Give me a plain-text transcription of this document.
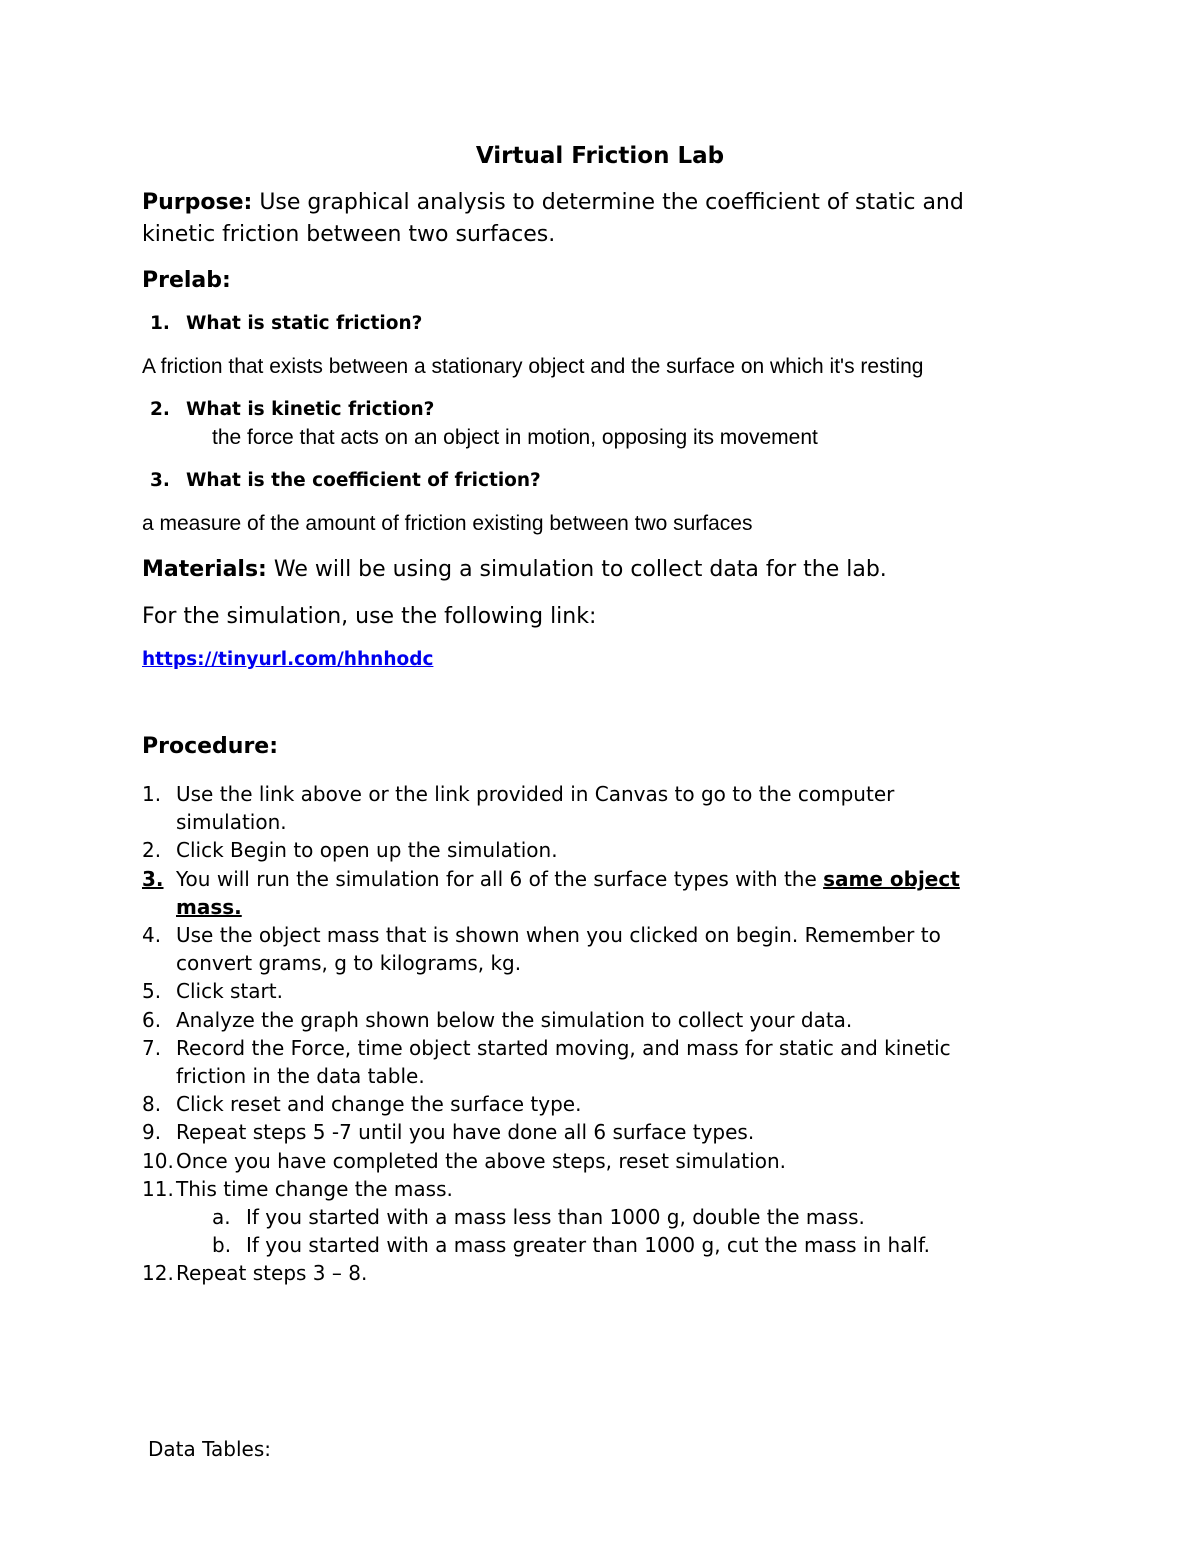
Virtual Friction Lab
Purpose: Use graphical analysis to determine the coefficient of static and
kinetic friction between two surfaces.
Prelab:
1. What is static friction?
A friction that exists between a stationary object and the surface on which it's resting
2. What is kinetic friction?
the force that acts on an object in motion, opposing its movement
3. What is the coefficient of friction?
a measure of the amount of friction existing between two surfaces
Materials: We will be using a simulation to collect data for the lab.
For the simulation, use the following link:
https://tinyurl.com/hhnhodc
Procedure:
1. Use the link above or the link provided in Canvas to go to the computer
simulation.
2. Click Begin to open up the simulation.
3. You will run the simulation for all 6 of the surface types with the same object
mass.
4. Use the object mass that is shown when you clicked on begin. Remember to
convert grams, g to kilograms, kg.
5. Click start.
6. Analyze the graph shown below the simulation to collect your data.
7. Record the Force, time object started moving, and mass for static and kinetic
friction in the data table.
8. Click reset and change the surface type.
9. Repeat steps 5 -7 until you have done all 6 surface types.
10. Once you have completed the above steps, reset simulation.
11. This time change the mass.
a. If you started with a mass less than 1000 g, double the mass.
b. If you started with a mass greater than 1000 g, cut the mass in half.
12. Repeat steps 3 – 8.
Data Tables:
